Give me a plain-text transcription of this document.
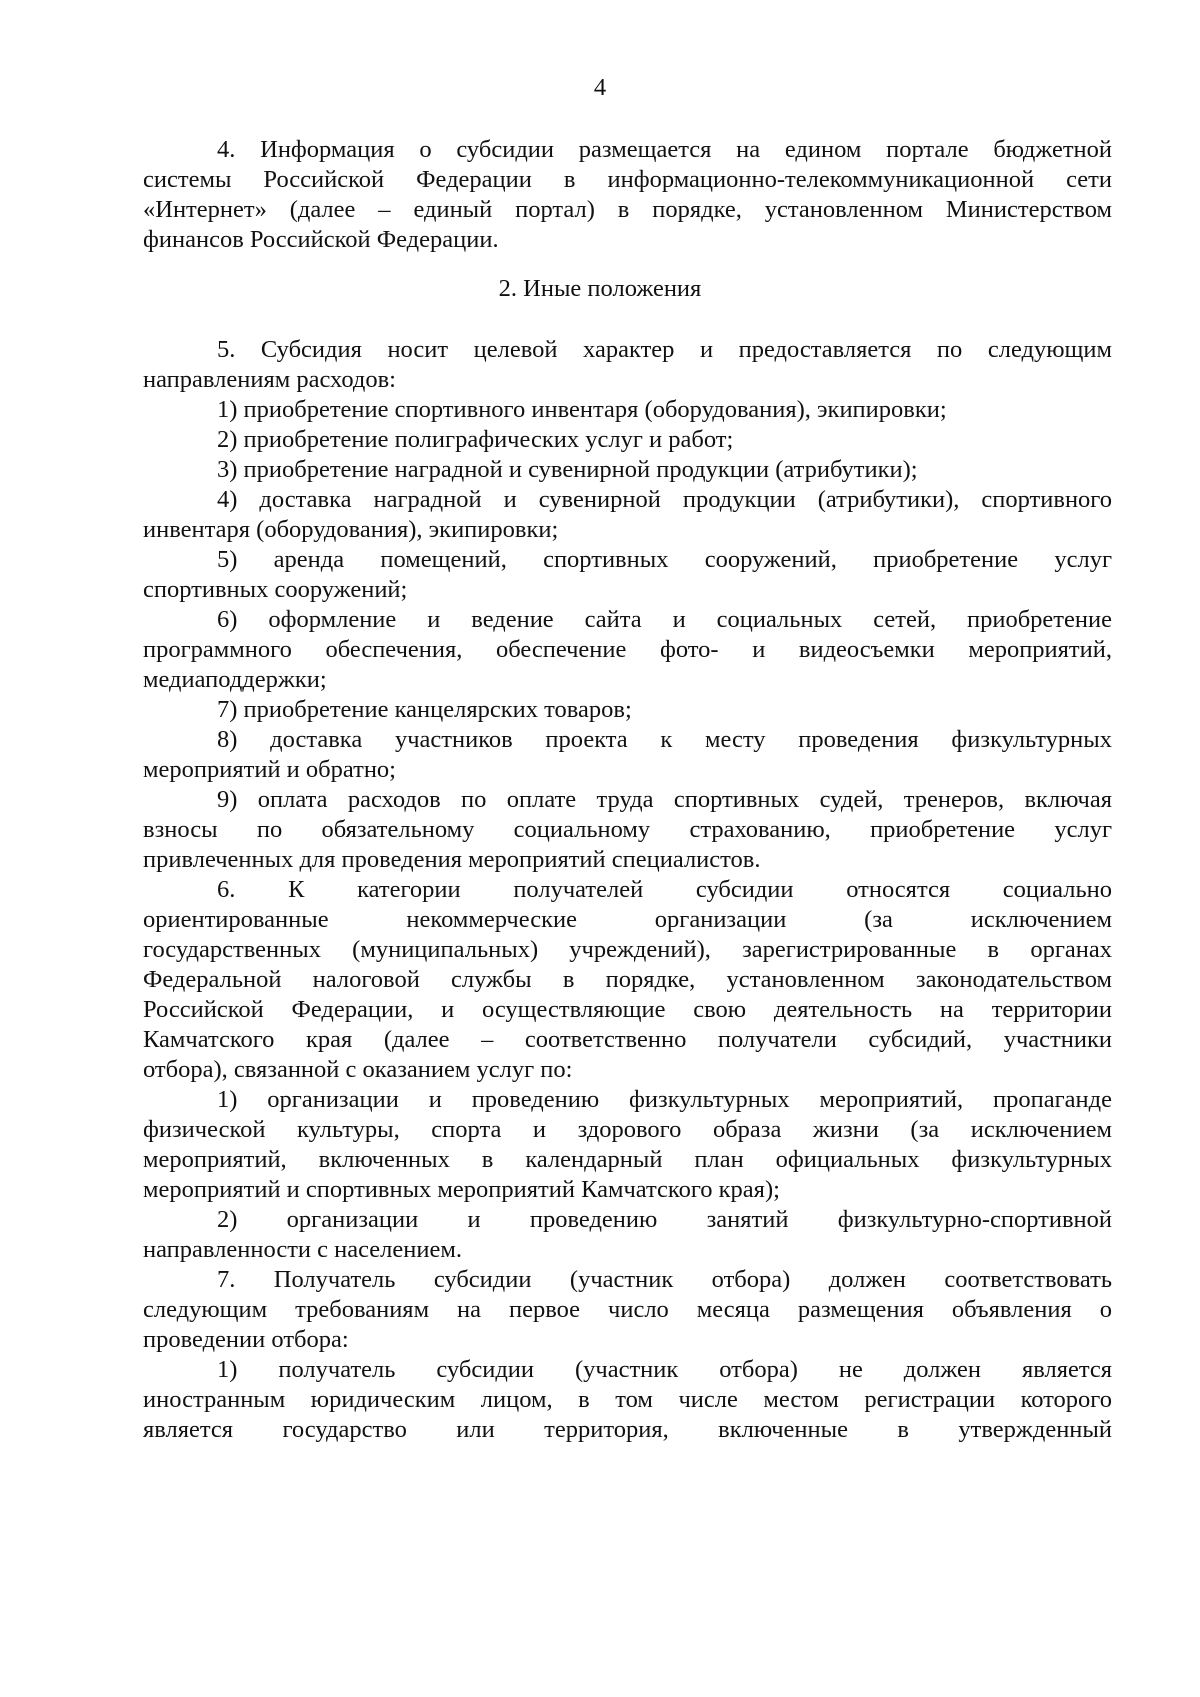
4
4. Информация о субсидии размещается на едином портале бюджетной
системы Российской Федерации в информационно-телекоммуникационной сети
«Интернет» (далее – единый портал) в порядке, установленном Министерством
финансов Российской Федерации.
2. Иные положения
5. Субсидия носит целевой характер и предоставляется по следующим
направлениям расходов:
1) приобретение спортивного инвентаря (оборудования), экипировки;
2) приобретение полиграфических услуг и работ;
3) приобретение наградной и сувенирной продукции (атрибутики);
4) доставка наградной и сувенирной продукции (атрибутики), спортивного
инвентаря (оборудования), экипировки;
5) аренда помещений, спортивных сооружений, приобретение услуг
спортивных сооружений;
6) оформление и ведение сайта и социальных сетей, приобретение
программного обеспечения, обеспечение фото- и видеосъемки мероприятий,
медиаподдержки;
7) приобретение канцелярских товаров;
8) доставка участников проекта к месту проведения физкультурных
мероприятий и обратно;
9) оплата расходов по оплате труда спортивных судей, тренеров, включая
взносы по обязательному социальному страхованию, приобретение услуг
привлеченных для проведения мероприятий специалистов.
6. К категории получателей субсидии относятся социально
ориентированные некоммерческие организации (за исключением
государственных (муниципальных) учреждений), зарегистрированные в органах
Федеральной налоговой службы в порядке, установленном законодательством
Российской Федерации, и осуществляющие свою деятельность на территории
Камчатского края (далее – соответственно получатели субсидий, участники
отбора), связанной с оказанием услуг по:
1) организации и проведению физкультурных мероприятий, пропаганде
физической культуры, спорта и здорового образа жизни (за исключением
мероприятий, включенных в календарный план официальных физкультурных
мероприятий и спортивных мероприятий Камчатского края);
2) организации и проведению занятий физкультурно-спортивной
направленности с населением.
7. Получатель субсидии (участник отбора) должен соответствовать
следующим требованиям на первое число месяца размещения объявления о
проведении отбора:
1) получатель субсидии (участник отбора) не должен является
иностранным юридическим лицом, в том числе местом регистрации которого
является государство или территория, включенные в утвержденный
